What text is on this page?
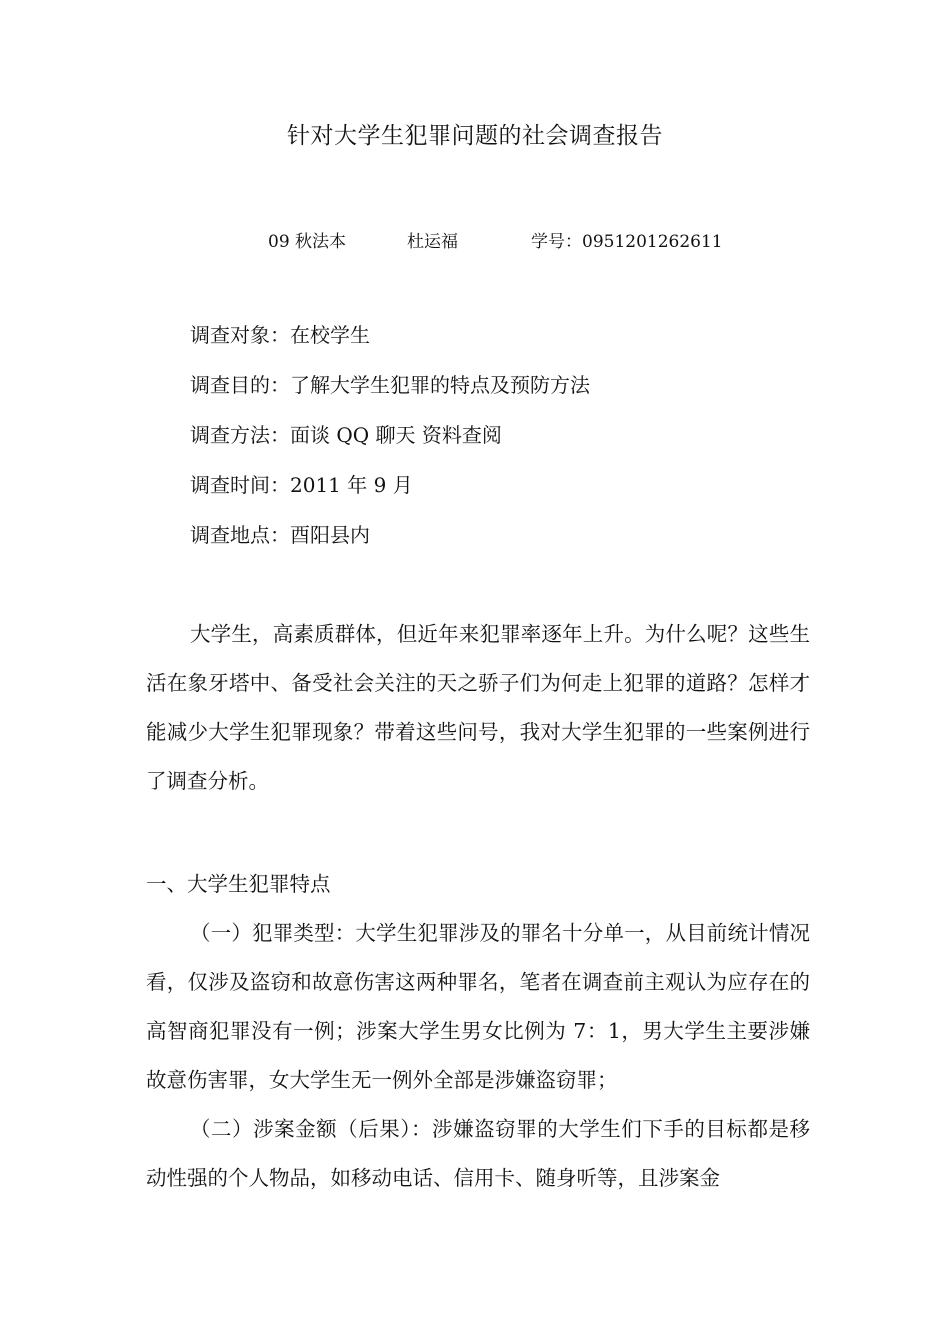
针对大学生犯罪问题的社会调查报告
09 秋法本	杜运福	学号：0951201262611
调查对象：在校学生
调查目的：了解大学生犯罪的特点及预防方法
调查方法：面谈 QQ 聊天 资料查阅
调查时间：2011 年 9 月
调查地点：酉阳县内
大学生，高素质群体，但近年来犯罪率逐年上升。为什么呢？这些生活在象牙塔中、备受社会关注的天之骄子们为何走上犯罪的道路？怎样才能减少大学生犯罪现象？带着这些问号，我对大学生犯罪的一些案例进行了调查分析。
一、大学生犯罪特点
（一）犯罪类型：大学生犯罪涉及的罪名十分单一，从目前统计情况看，仅涉及盗窃和故意伤害这两种罪名，笔者在调查前主观认为应存在的高智商犯罪没有一例；涉案大学生男女比例为 7：1，男大学生主要涉嫌故意伤害罪，女大学生无一例外全部是涉嫌盗窃罪；
（二）涉案金额（后果）：涉嫌盗窃罪的大学生们下手的目标都是移动性强的个人物品，如移动电话、信用卡、随身听等，且涉案金
